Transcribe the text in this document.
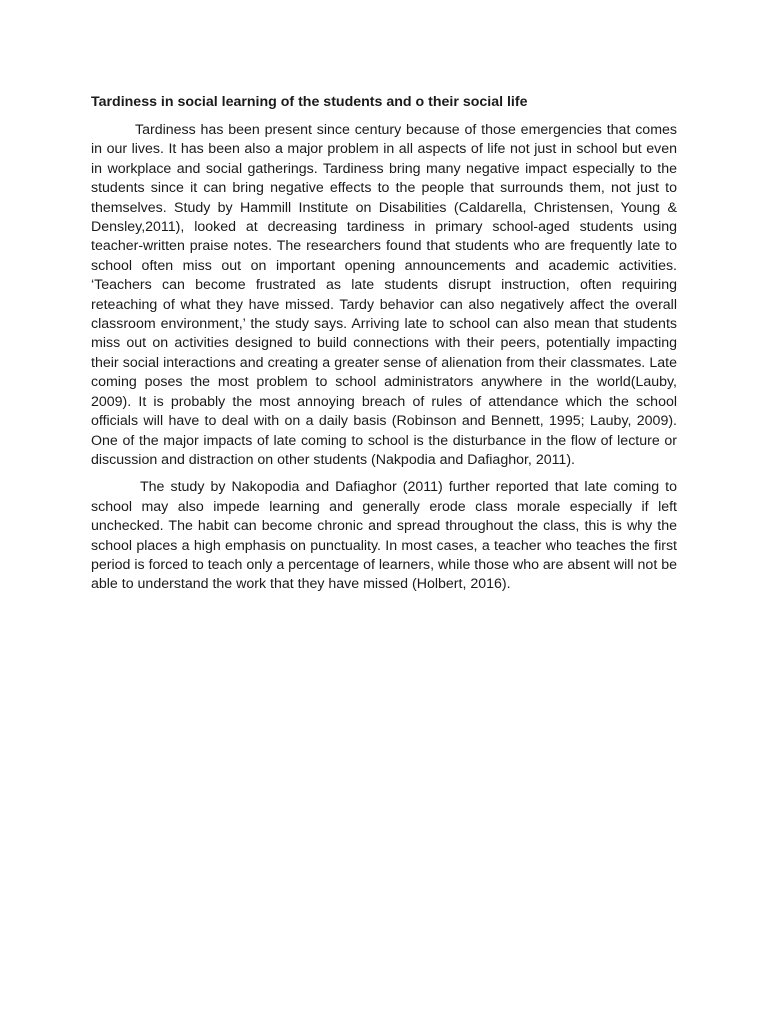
Tardiness in social learning of the students and o their social life

Tardiness has been present since century because of those emergencies that comes in our lives. It has been also a major problem in all aspects of life not just in school but even in workplace and social gatherings. Tardiness bring many negative impact especially to the students since it can bring negative effects to the people that surrounds them, not just to themselves. Study by Hammill Institute on Disabilities (Caldarella, Christensen, Young & Densley,2011), looked at decreasing tardiness in primary school-aged students using teacher-written praise notes. The researchers found that students who are frequently late to school often miss out on important opening announcements and academic activities. ‘Teachers can become frustrated as late students disrupt instruction, often requiring reteaching of what they have missed. Tardy behavior can also negatively affect the overall classroom environment,’ the study says. Arriving late to school can also mean that students miss out on activities designed to build connections with their peers, potentially impacting their social interactions and creating a greater sense of alienation from their classmates. Late coming poses the most problem to school administrators anywhere in the world(Lauby, 2009). It is probably the most annoying breach of rules of attendance which the school officials will have to deal with on a daily basis (Robinson and Bennett, 1995; Lauby, 2009). One of the major impacts of late coming to school is the disturbance in the flow of lecture or discussion and distraction on other students (Nakpodia and Dafiaghor, 2011).

The study by Nakopodia and Dafiaghor (2011) further reported that late coming to school may also impede learning and generally erode class morale especially if left unchecked. The habit can become chronic and spread throughout the class, this is why the school places a high emphasis on punctuality. In most cases, a teacher who teaches the first period is forced to teach only a percentage of learners, while those who are absent will not be able to understand the work that they have missed (Holbert, 2016).
